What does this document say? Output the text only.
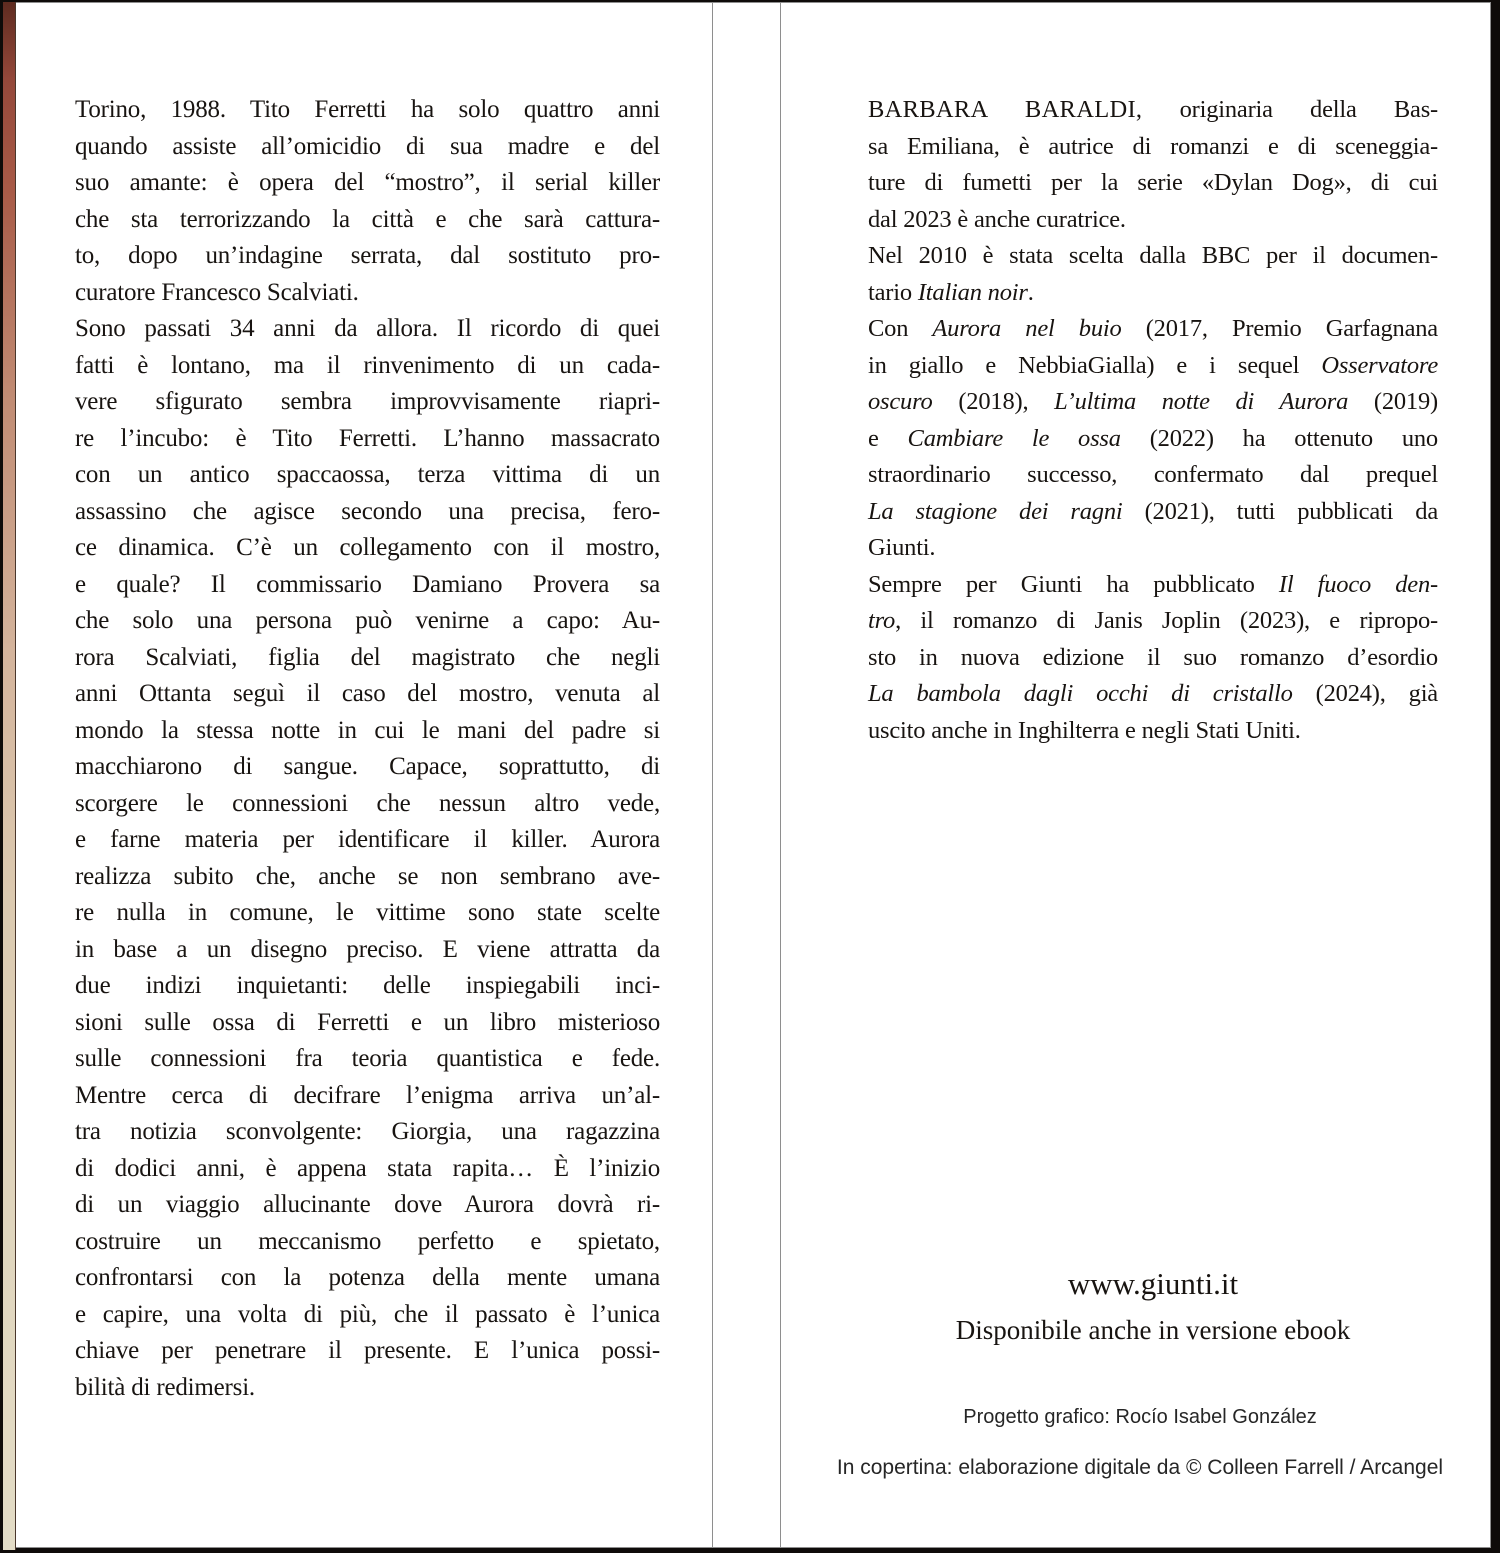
Torino, 1988. Tito Ferretti ha solo quattro anni
quando assiste all’omicidio di sua madre e del
suo amante: è opera del “mostro”, il serial killer
che sta terrorizzando la città e che sarà cattura-
to, dopo un’indagine serrata, dal sostituto pro-
curatore Francesco Scalviati.
Sono passati 34 anni da allora. Il ricordo di quei
fatti è lontano, ma il rinvenimento di un cada-
vere sfigurato sembra improvvisamente riapri-
re l’incubo: è Tito Ferretti. L’hanno massacrato
con un antico spaccaossa, terza vittima di un
assassino che agisce secondo una precisa, fero-
ce dinamica. C’è un collegamento con il mostro,
e quale? Il commissario Damiano Provera sa
che solo una persona può venirne a capo: Au-
rora Scalviati, figlia del magistrato che negli
anni Ottanta seguì il caso del mostro, venuta al
mondo la stessa notte in cui le mani del padre si
macchiarono di sangue. Capace, soprattutto, di
scorgere le connessioni che nessun altro vede,
e farne materia per identificare il killer. Aurora
realizza subito che, anche se non sembrano ave-
re nulla in comune, le vittime sono state scelte
in base a un disegno preciso. E viene attratta da
due indizi inquietanti: delle inspiegabili inci-
sioni sulle ossa di Ferretti e un libro misterioso
sulle connessioni fra teoria quantistica e fede.
Mentre cerca di decifrare l’enigma arriva un’al-
tra notizia sconvolgente: Giorgia, una ragazzina
di dodici anni, è appena stata rapita… È l’inizio
di un viaggio allucinante dove Aurora dovrà ri-
costruire un meccanismo perfetto e spietato,
confrontarsi con la potenza della mente umana
e capire, una volta di più, che il passato è l’unica
chiave per penetrare il presente. E l’unica possi-
bilità di redimersi.
BARBARA BARALDI, originaria della Bas-
sa Emiliana, è autrice di romanzi e di sceneggia-
ture di fumetti per la serie «Dylan Dog», di cui
dal 2023 è anche curatrice.
Nel 2010 è stata scelta dalla BBC per il documen-
tario Italian noir.
Con Aurora nel buio (2017, Premio Garfagnana
in giallo e NebbiaGialla) e i sequel Osservatore
oscuro (2018), L’ultima notte di Aurora (2019)
e Cambiare le ossa (2022) ha ottenuto uno
straordinario successo, confermato dal prequel
La stagione dei ragni (2021), tutti pubblicati da
Giunti.
Sempre per Giunti ha pubblicato Il fuoco den-
tro, il romanzo di Janis Joplin (2023), e ripropo-
sto in nuova edizione il suo romanzo d’esordio
La bambola dagli occhi di cristallo (2024), già
uscito anche in Inghilterra e negli Stati Uniti.
www.giunti.it
Disponibile anche in versione ebook
Progetto grafico: Rocío Isabel González
In copertina: elaborazione digitale da © Colleen Farrell / Arcangel
